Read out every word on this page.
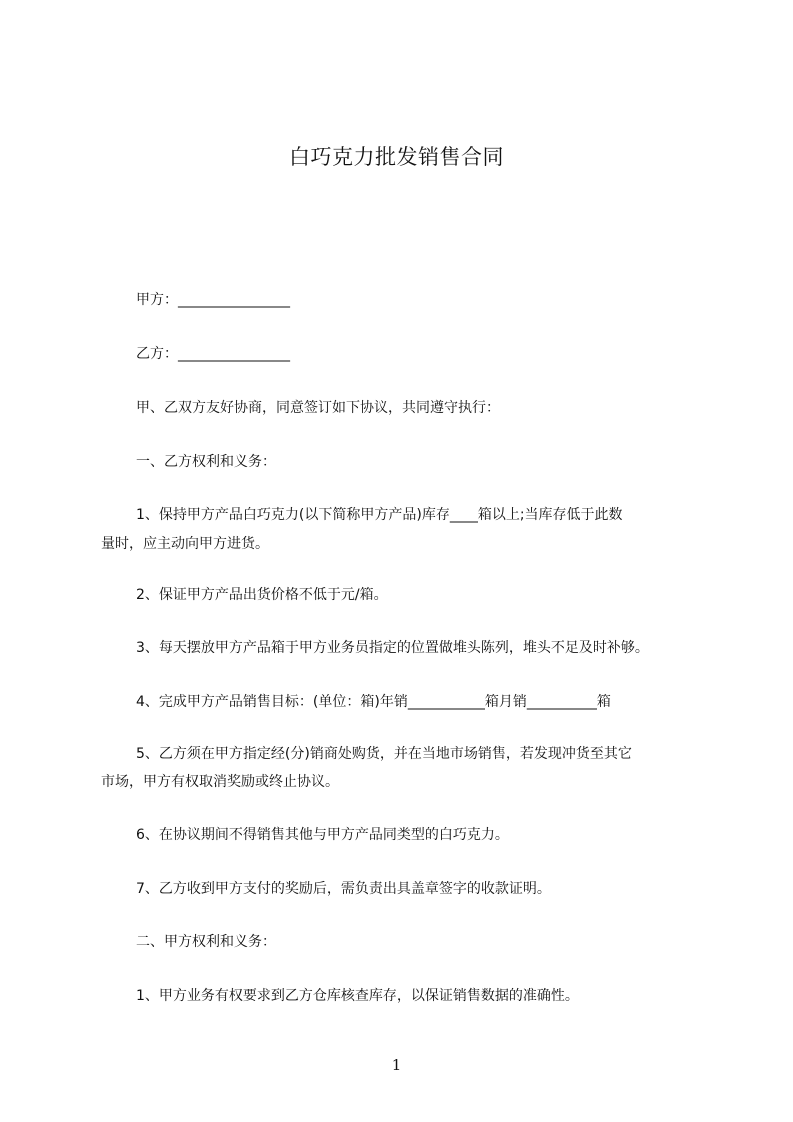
白巧克力批发销售合同
甲方：________________
乙方：________________
甲、乙双方友好协商，同意签订如下协议，共同遵守执行：
一、乙方权利和义务：
1、保持甲方产品白巧克力(以下简称甲方产品)库存____箱以上;当库存低于此数
量时，应主动向甲方进货。
2、保证甲方产品出货价格不低于元/箱。
3、每天摆放甲方产品箱于甲方业务员指定的位置做堆头陈列，堆头不足及时补够。
4、完成甲方产品销售目标：(单位：箱)年销___________箱月销__________箱
5、乙方须在甲方指定经(分)销商处购货，并在当地市场销售，若发现冲货至其它
市场，甲方有权取消奖励或终止协议。
6、在协议期间不得销售其他与甲方产品同类型的白巧克力。
7、乙方收到甲方支付的奖励后，需负责出具盖章签字的收款证明。
二、甲方权利和义务：
1、甲方业务有权要求到乙方仓库核查库存，以保证销售数据的准确性。
1
